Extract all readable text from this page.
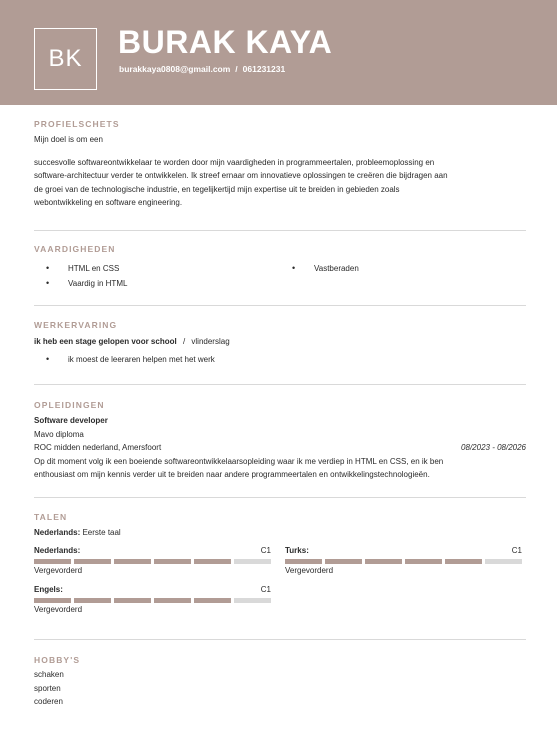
BK	BURAK KAYA
burakkaya0808@gmail.com / 061231231
PROFIELSCHETS
Mijn doel is om een
succesvolle softwareontwikkelaar te worden door mijn vaardigheden in programmeertalen, probleemoplossing en
software-architectuur verder te ontwikkelen. Ik streef ernaar om innovatieve oplossingen te creëren die bijdragen aan
de groei van de technologische industrie, en tegelijkertijd mijn expertise uit te breiden in gebieden zoals
webontwikkeling en software engineering.
VAARDIGHEDEN
• HTML en CSS
• Vaardig in HTML
• Vastberaden
WERKERVARING
ik heb een stage gelopen voor school / vlinderslag
• ik moest de leeraren helpen met het werk
OPLEIDINGEN
Software developer
Mavo diploma
ROC midden nederland, Amersfoort	08/2023 - 08/2026
Op dit moment volg ik een boeiende softwareontwikkelaarsopleiding waar ik me verdiep in HTML en CSS, en ik ben
enthousiast om mijn kennis verder uit te breiden naar andere programmeertalen en ontwikkelingstechnologieën.
TALEN
Nederlands: Eerste taal
Nederlands:	C1
Vergevorderd
Turks:	C1
Vergevorderd
Engels:	C1
Vergevorderd
HOBBY'S
schaken
sporten
coderen
